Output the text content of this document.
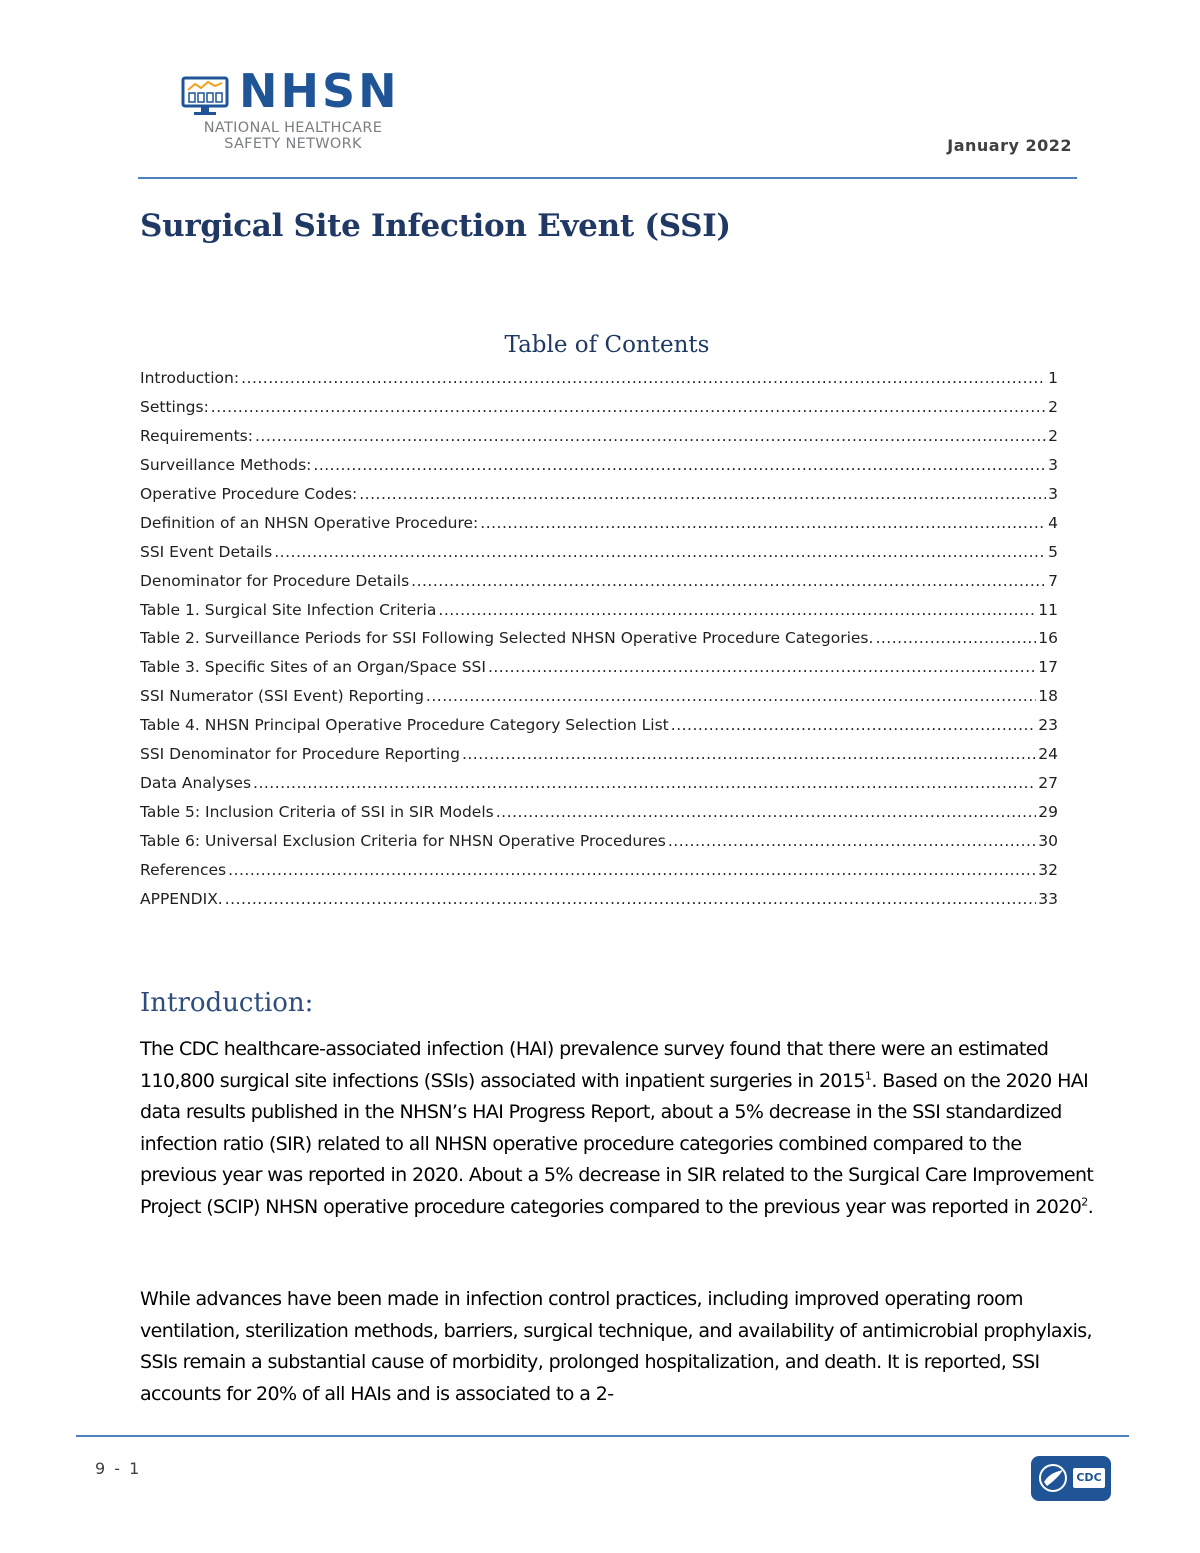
NHSN
NATIONAL HEALTHCARE
SAFETY NETWORK	January 2022
Surgical Site Infection Event (SSI)
Table of Contents
Introduction: .....	1
Settings: .....	2
Requirements: .....	2
Surveillance Methods: .....	3
Operative Procedure Codes: .....	3
Definition of an NHSN Operative Procedure: .....	4
SSI Event Details .....	5
Denominator for Procedure Details .....	7
Table 1. Surgical Site Infection Criteria .....	11
Table 2. Surveillance Periods for SSI Following Selected NHSN Operative Procedure Categories. .....	16
Table 3. Specific Sites of an Organ/Space SSI .....	17
SSI Numerator (SSI Event) Reporting .....	18
Table 4. NHSN Principal Operative Procedure Category Selection List .....	23
SSI Denominator for Procedure Reporting .....	24
Data Analyses .....	27
Table 5: Inclusion Criteria of SSI in SIR Models .....	29
Table 6: Universal Exclusion Criteria for NHSN Operative Procedures .....	30
References .....	32
APPENDIX. .....	33
Introduction:

The CDC healthcare-associated infection (HAI) prevalence survey found that there were an estimated 110,800 surgical site infections (SSIs) associated with inpatient surgeries in 2015$^1$. Based on the 2020 HAI data results published in the NHSN’s HAI Progress Report, about a 5% decrease in the SSI standardized infection ratio (SIR) related to all NHSN operative procedure categories combined compared to the previous year was reported in 2020. About a 5% decrease in SIR related to the Surgical Care Improvement Project (SCIP) NHSN operative procedure categories compared to the previous year was reported in 2020$^2$.

While advances have been made in infection control practices, including improved operating room ventilation, sterilization methods, barriers, surgical technique, and availability of antimicrobial prophylaxis, SSIs remain a substantial cause of morbidity, prolonged hospitalization, and death. It is reported, SSI accounts for 20% of all HAIs and is associated to a 2-

9 - 1	CDC
